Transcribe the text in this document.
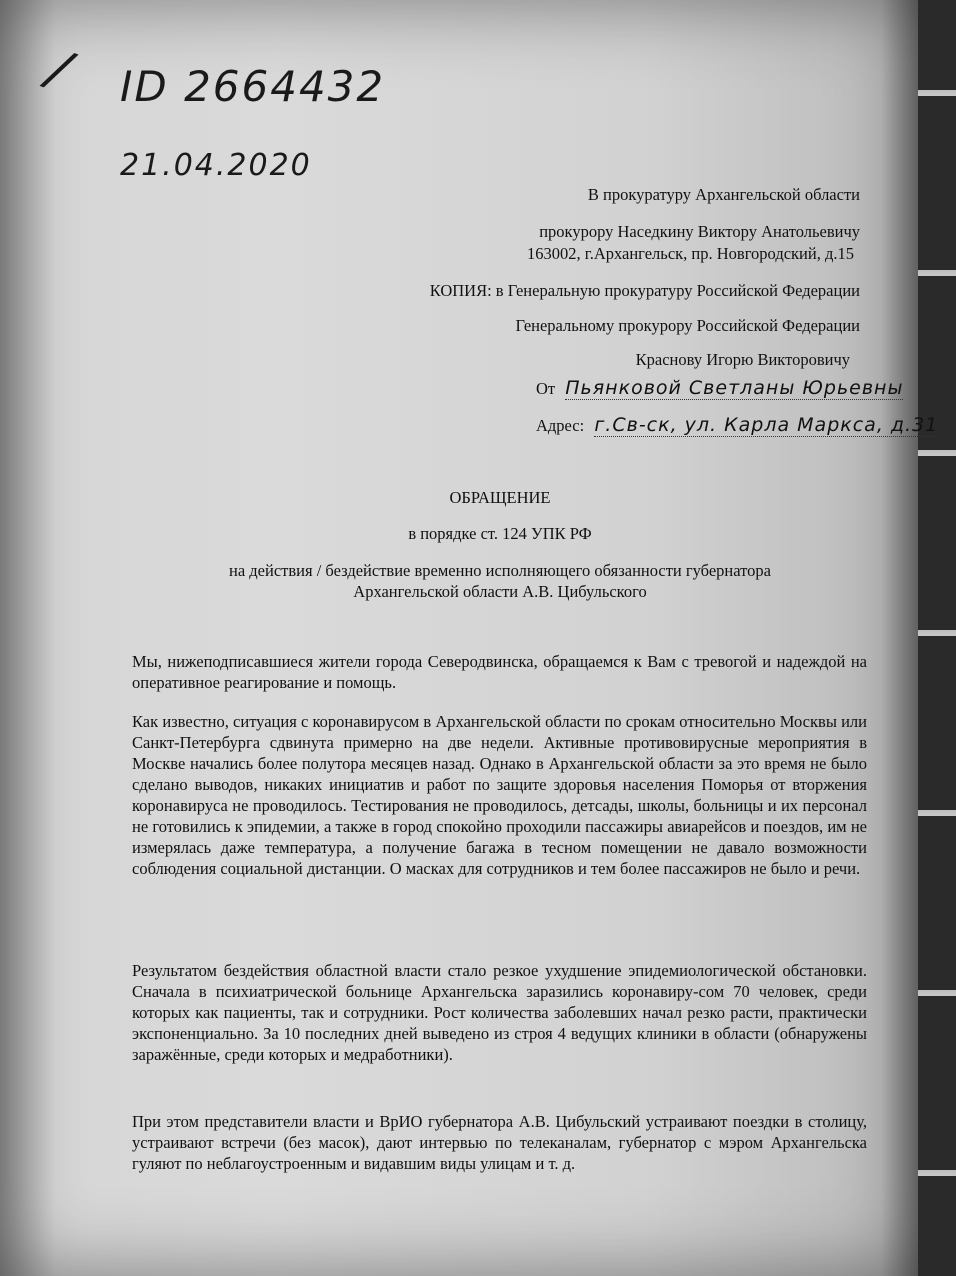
/ ID 2664432
21.04.2020
В прокуратуру Архангельской области
прокурору Наседкину Виктору Анатольевичу
163002, г.Архангельск, пр. Новгородский, д.15
КОПИЯ: в Генеральную прокуратуру Российской Федерации
Генеральному прокурору Российской Федерации
Краснову Игорю Викторовичу
От Пьянковой Светланы Юрьевны
Адрес: г.Св-ск, ул. Карла Маркса, д.31
ОБРАЩЕНИЕ
в порядке ст. 124 УПК РФ
на действия / бездействие временно исполняющего обязанности губернатора
Архангельской области А.В. Цибульского
Мы, нижеподписавшиеся жители города Северодвинска, обращаемся к Вам с тревогой и надеждой на оперативное реагирование и помощь.
Как известно, ситуация с коронавирусом в Архангельской области по срокам относительно Москвы или Санкт-Петербурга сдвинута примерно на две недели. Активные противовирусные мероприятия в Москве начались более полутора месяцев назад. Однако в Архангельской области за это время не было сделано выводов, никаких инициатив и работ по защите здоровья населения Поморья от вторжения коронавируса не проводилось. Тестирования не проводилось, детсады, школы, больницы и их персонал не готовились к эпидемии, а также в город спокойно проходили пассажиры авиарейсов и поездов, им не измерялась даже температура, а получение багажа в тесном помещении не давало возможности соблюдения социальной дистанции. О масках для сотрудников и тем более пассажиров не было и речи.
Результатом бездействия областной власти стало резкое ухудшение эпидемиологической обстановки. Сначала в психиатрической больнице Архангельска заразились коронавиру-сом 70 человек, среди которых как пациенты, так и сотрудники. Рост количества заболевших начал резко расти, практически экспоненциально. За 10 последних дней выведено из строя 4 ведущих клиники в области (обнаружены заражённые, среди которых и медработники).
При этом представители власти и ВрИО губернатора А.В. Цибульский устраивают поездки в столицу, устраивают встречи (без масок), дают интервью по телеканалам, губернатор с мэром Архангельска гуляют по неблагоустроенным и видавшим виды улицам и т. д.
